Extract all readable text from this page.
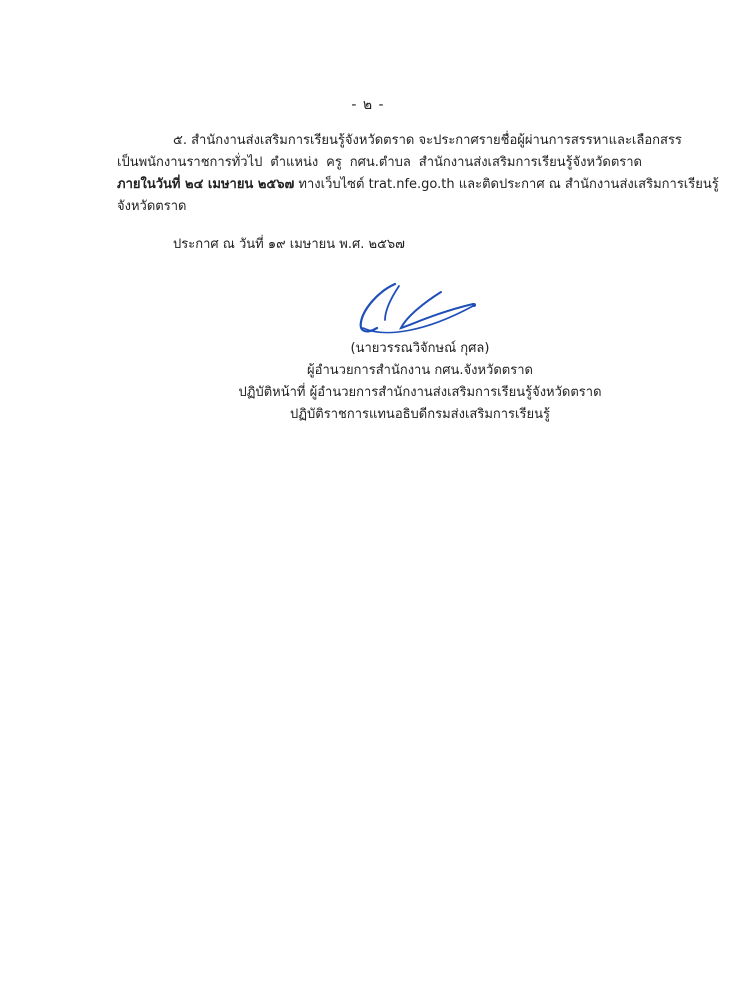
- ๒ -
๕. สำนักงานส่งเสริมการเรียนรู้จังหวัดตราด จะประกาศรายชื่อผู้ผ่านการสรรหาและเลือกสรร
เป็นพนักงานราชการทั่วไป ตำแหน่ง ครู กศน.ตำบล สำนักงานส่งเสริมการเรียนรู้จังหวัดตราด
ภายในวันที่ ๒๔ เมษายน ๒๕๖๗ ทางเว็บไซต์ trat.nfe.go.th และติดประกาศ ณ สำนักงานส่งเสริมการเรียนรู้
จังหวัดตราด
ประกาศ ณ วันที่ ๑๙ เมษายน พ.ศ. ๒๕๖๗
(นายวรรณวิจักษณ์ กุศล)
ผู้อำนวยการสำนักงาน กศน.จังหวัดตราด
ปฏิบัติหน้าที่ ผู้อำนวยการสำนักงานส่งเสริมการเรียนรู้จังหวัดตราด
ปฏิบัติราชการแทนอธิบดีกรมส่งเสริมการเรียนรู้
